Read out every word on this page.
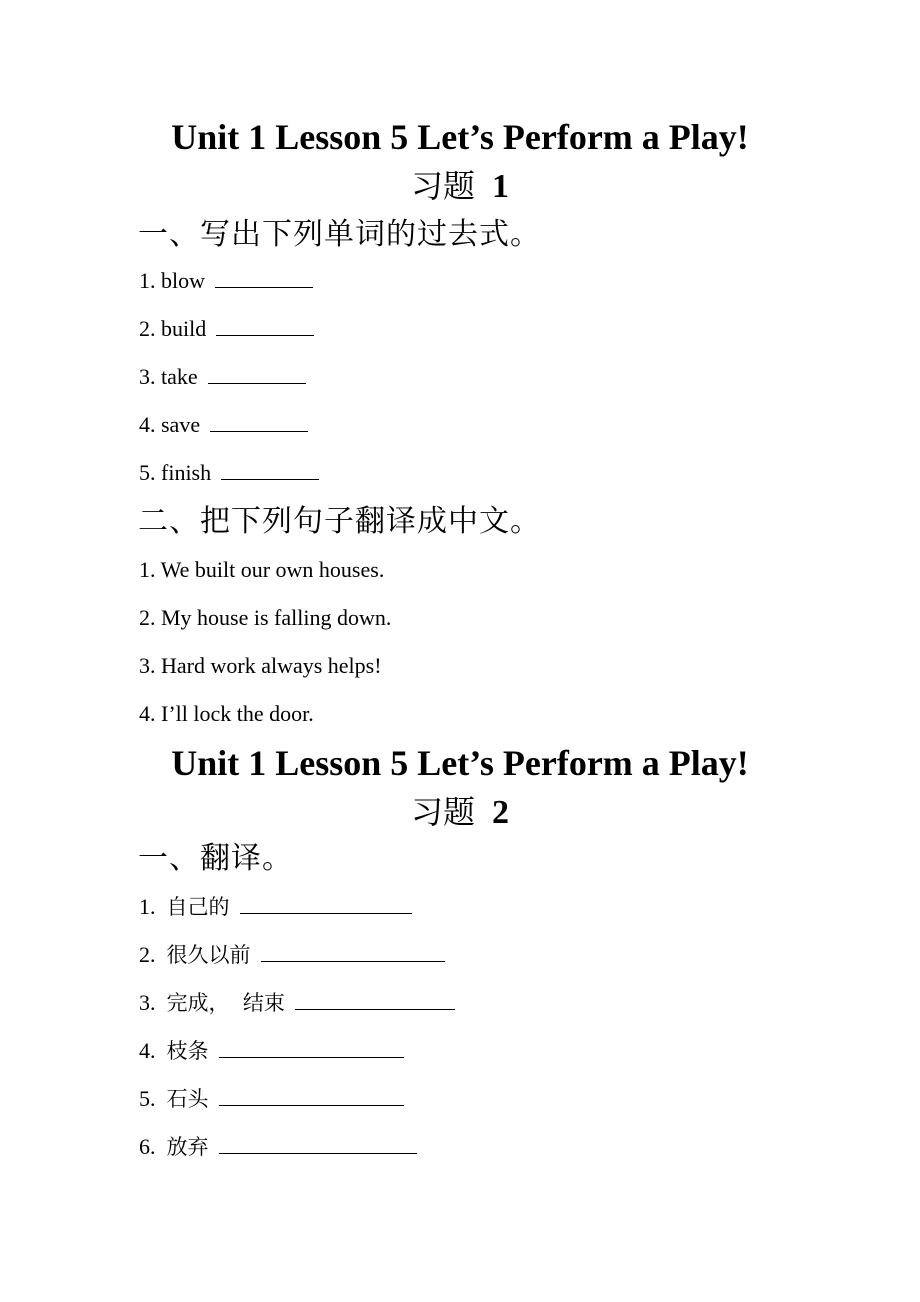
Unit 1 Lesson 5 Let’s Perform a Play!
习题 1
一、写出下列单词的过去式。
1. blow
2. build
3. take
4. save
5. finish
二、把下列句子翻译成中文。
1. We built our own houses.
2. My house is falling down.
3. Hard work always helps!
4. I’ll lock the door.
Unit 1 Lesson 5 Let’s Perform a Play!
习题 2
一、翻译。
1. 自己的
2. 很久以前
3. 完成，  结束
4. 枝条
5. 石头
6. 放弃
